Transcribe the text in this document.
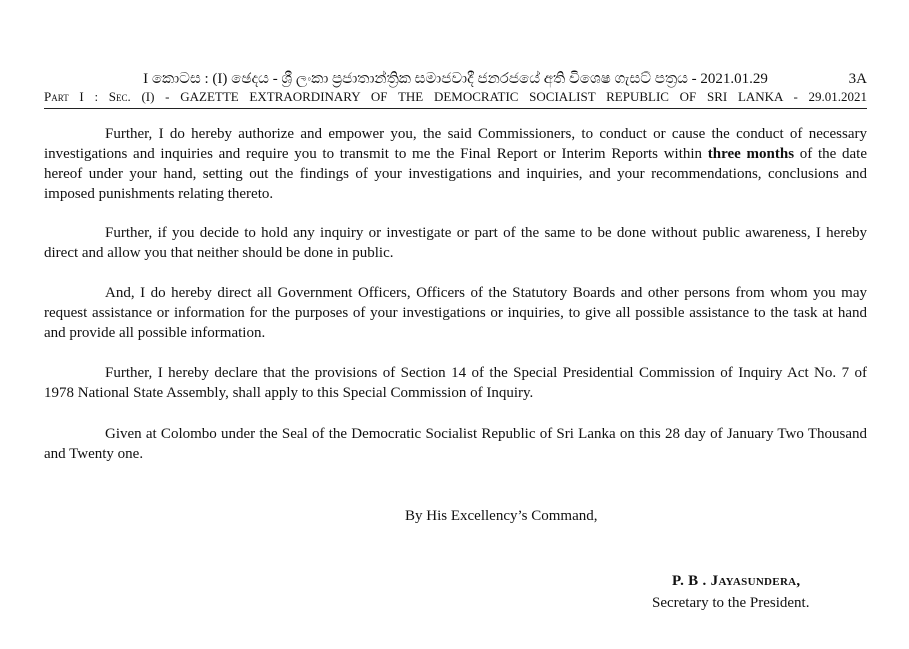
I කොටස : (I) ඡෙදය - ශ්‍රී ලංකා ප්‍රජාතාන්ත්‍රික සමාජවාදී ජනරජයේ අති විශෙෂ ගැසට් පත්‍රය - 2021.01.29	3A
Part I : Sec. (I) - GAZETTE EXTRAORDINARY OF THE DEMOCRATIC SOCIALIST REPUBLIC OF SRI LANKA - 29.01.2021

Further, I do hereby authorize and empower you, the said Commissioners, to conduct or cause the conduct of necessary investigations and inquiries and require you to transmit to me the Final Report or Interim Reports within three months of the date hereof under your hand, setting out the findings of your investigations and inquiries, and your recommendations, conclusions and imposed punishments relating thereto.

Further, if you decide to hold any inquiry or investigate or part of the same to be done without public awareness, I hereby direct and allow you that neither should be done in public.

And, I do hereby direct all Government Officers, Officers of the Statutory Boards and other persons from whom you may request assistance or information for the purposes of your investigations or inquiries, to give all possible assistance to the task at hand and provide all possible information.

Further, I hereby declare that the provisions of Section 14 of the Special Presidential Commission of Inquiry Act No. 7 of 1978 National State Assembly, shall apply to this Special Commission of Inquiry.

Given at Colombo under the Seal of the Democratic Socialist Republic of Sri Lanka on this 28 day of January Two Thousand and Twenty one.

By His Excellency’s Command,
P. B . Jayasundera,
Secretary to the President.
